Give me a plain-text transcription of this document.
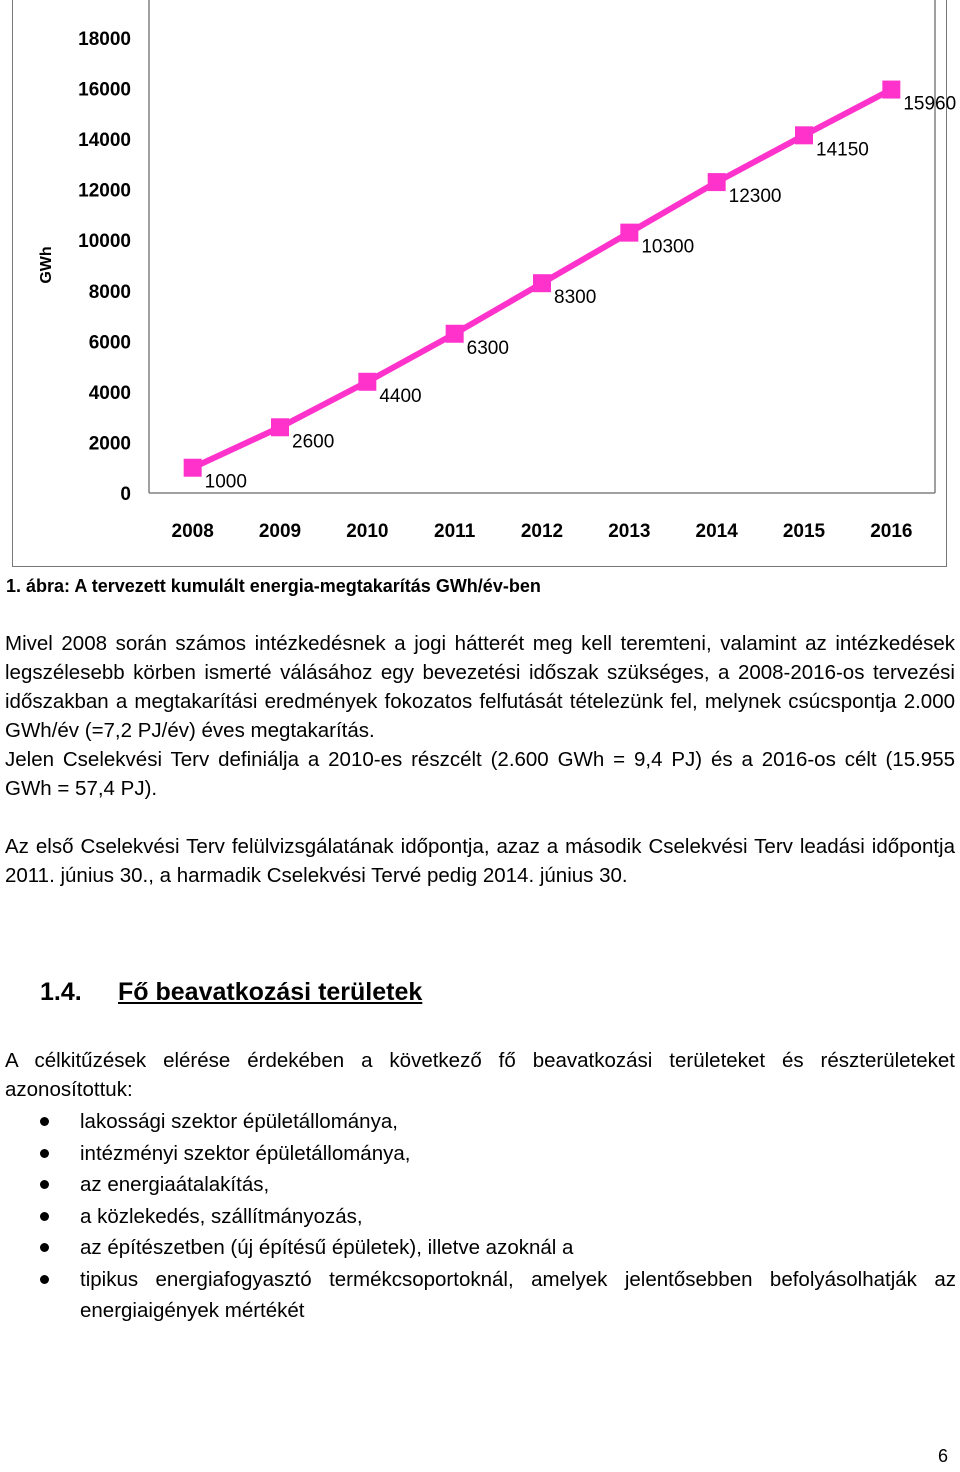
0
2000
4000
6000
8000
10000
12000
14000
16000
18000
GWh
2008 2009 2010 2011 2012 2013 2014 2015 2016
1000
2600
4400
6300
8300
10300
12300
14150
15960
1. ábra: A tervezett kumulált energia-megtakarítás GWh/év-ben

Mivel 2008 során számos intézkedésnek a jogi hátterét meg kell teremteni, valamint az intézkedések legszélesebb körben ismerté válásához egy bevezetési időszak szükséges, a 2008-2016-os tervezési időszakban a megtakarítási eredmények fokozatos felfutását tételezünk fel, melynek csúcspontja 2.000 GWh/év (=7,2 PJ/év) éves megtakarítás.

Jelen Cselekvési Terv definiálja a 2010-es részcélt (2.600 GWh = 9,4 PJ) és a 2016-os célt (15.955 GWh = 57,4 PJ).

Az első Cselekvési Terv felülvizsgálatának időpontja, azaz a második Cselekvési Terv leadási időpontja 2011. június 30., a harmadik Cselekvési Tervé pedig 2014. június 30.

1.4. Fő beavatkozási területek

A célkitűzések elérése érdekében a következő fő beavatkozási területeket és részterületeket azonosítottuk:

lakossági szektor épületállománya,
intézményi szektor épületállománya,
az energiaátalakítás,
a közlekedés, szállítmányozás,
az építészetben (új építésű épületek), illetve azoknál a
tipikus energiafogyasztó termékcsoportoknál, amelyek jelentősebben befolyásolhatják az energiaigények mértékét
6
